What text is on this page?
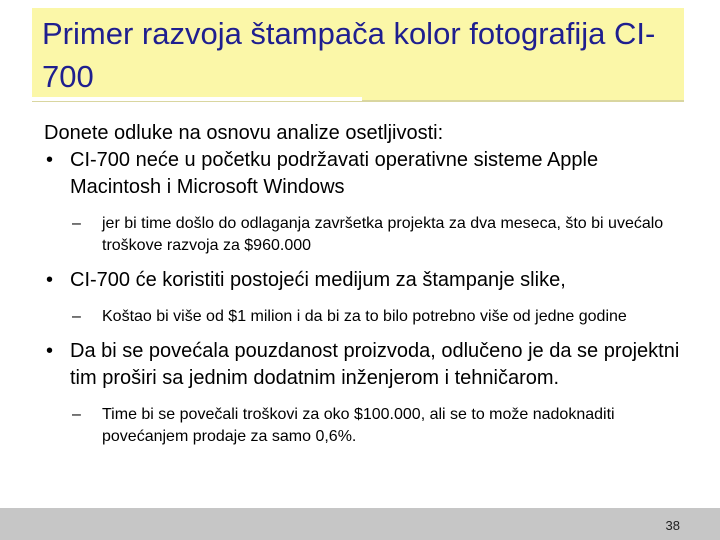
Primer razvoja štampača kolor fotografija CI-700

Donete odluke na osnovu analize osetljivosti:

• CI-700 neće u početku podržavati operativne sisteme Apple Macintosh i Microsoft Windows
– jer bi time došlo do odlaganja završetka projekta za dva meseca, što bi uvećalo troškove razvoja za $960.000
• CI-700 će koristiti postojeći medijum za štampanje slike,
– Koštao bi više od $1 milion i da bi za to bilo potrebno više od jedne godine
• Da bi se povećala pouzdanost proizvoda, odlučeno je da se projektni tim proširi sa jednim dodatnim inženjerom i tehničarom.
– Time bi se povečali troškovi za oko $100.000, ali se to može nadoknaditi povećanjem prodaje za samo 0,6%.
38
